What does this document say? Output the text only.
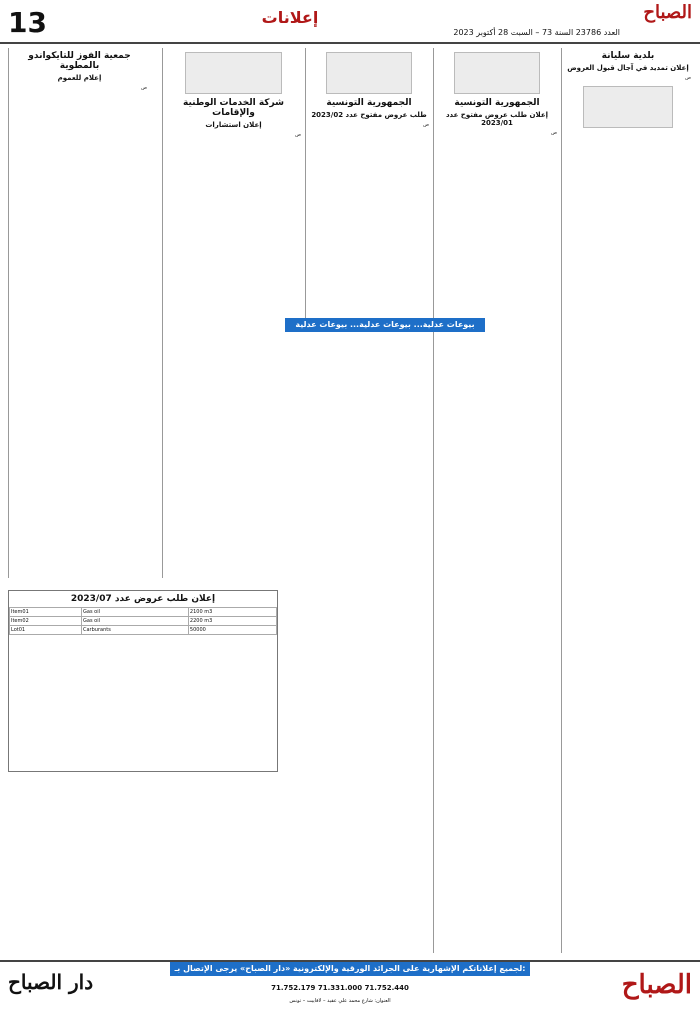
13	إعلانات	الصباح
العدد 23786 السنة 73 – السبت 28 أكتوبر 2023
بلدية سليانة
إعلان تمديد في آجال قبول العروض
ص
الجمهورية التونسية
إعلان طلب عروض مفتوح عدد 2023/01
ص
الجمهورية التونسية
طلب عروض مفتوح عدد 2023/02
ص
شركة الخدمات الوطنية والإقامات
إعلان استشارات
ص
جمعية الفوز للتايكواندو بالمطوية
إعلام للعموم
ص
بيوعات عدلية... بيوعات عدلية... بيوعات عدلية
إعلان طلب عروض عدد 2023/07
Item01	Gas oil	2100 m3
Item02	Gas oil	2200 m3
Lot01	Carburants	50000
لجميع إعلاناتكم الإشهارية على الجرائد الورقية والإلكترونية «دار الصباح» يرجى الإتصال بـ:
71.752.179 71.331.000 71.752.440
العنوان: شارع محمد علي عقيد – لافاييت – تونس
الصباح
دار الصباح
